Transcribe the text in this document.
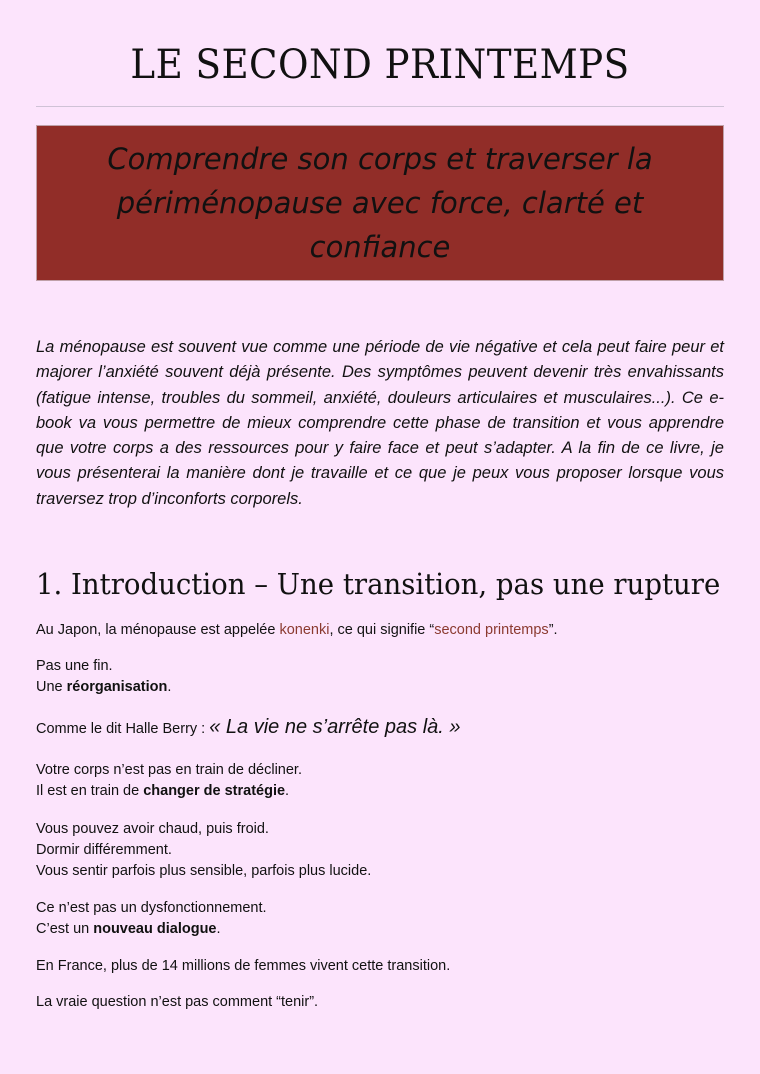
LE SECOND PRINTEMPS

Comprendre son corps et traverser la périménopause avec force, clarté et confiance

La ménopause est souvent vue comme une période de vie négative et cela peut faire peur et majorer l’anxiété souvent déjà présente. Des symptômes peuvent devenir très envahissants (fatigue intense, troubles du sommeil, anxiété, douleurs articulaires et musculaires...). Ce e-book va vous permettre de mieux comprendre cette phase de transition et vous apprendre que votre corps a des ressources pour y faire face et peut s’adapter. A la fin de ce livre, je vous présenterai la manière dont je travaille et ce que je peux vous proposer lorsque vous traversez trop d’inconforts corporels.

1. Introduction – Une transition, pas une rupture

Au Japon, la ménopause est appelée konenki, ce qui signifie “second printemps”.

Pas une fin.
Une réorganisation.

Comme le dit Halle Berry : « La vie ne s’arrête pas là. »

Votre corps n’est pas en train de décliner.
Il est en train de changer de stratégie.

Vous pouvez avoir chaud, puis froid.
Dormir différemment.
Vous sentir parfois plus sensible, parfois plus lucide.

Ce n’est pas un dysfonctionnement.
C’est un nouveau dialogue.

En France, plus de 14 millions de femmes vivent cette transition.

La vraie question n’est pas comment “tenir”.
